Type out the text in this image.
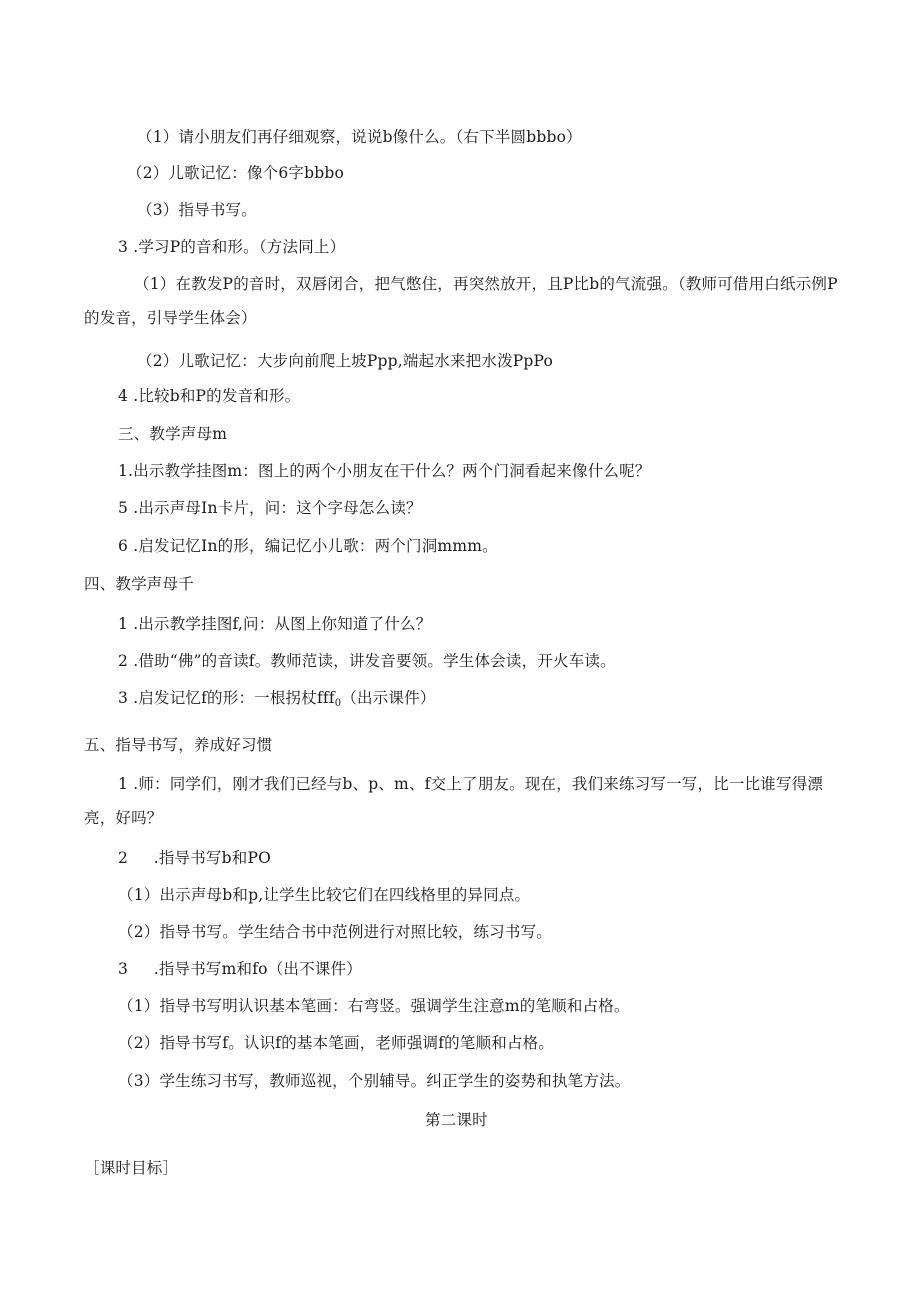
（1）请小朋友们再仔细观察，说说b像什么。（右下半圆bbbo）
（2）儿歌记忆：像个6字bbbo
（3）指导书写。
3 .学习P的音和形。（方法同上）
（1）在教发P的音时，双唇闭合，把气憋住，再突然放开，且P比b的气流强。（教师可借用白纸示例P的发音，引导学生体会）
（2）儿歌记忆：大步向前爬上坡Ppp,端起水来把水泼PpPo
4 .比较b和P的发音和形。
三、教学声母m
1.出示教学挂图m：图上的两个小朋友在干什么？两个门洞看起来像什么呢？
5 .出示声母In卡片，问：这个字母怎么读？
6 .启发记忆In的形，编记忆小儿歌：两个门洞mmm。
四、教学声母千
1 .出示教学挂图f,问：从图上你知道了什么？
2 .借助“佛”的音读f。教师范读，讲发音要领。学生体会读，开火车读。
3 .启发记忆f的形：一根拐杖fff$_0$（出示课件）
五、指导书写，养成好习惯
1 .师：同学们，刚才我们已经与b、p、m、f交上了朋友。现在，我们来练习写一写，比一比谁写得漂亮，好吗？
2     .指导书写b和PO
（1）出示声母b和p,让学生比较它们在四线格里的异同点。
（2）指导书写。学生结合书中范例进行对照比较，练习书写。
3     .指导书写m和fo（出不课件）
（1）指导书写明认识基本笔画：右弯竖。强调学生注意m的笔顺和占格。
（2）指导书写f。认识f的基本笔画，老师强调f的笔顺和占格。
（3）学生练习书写，教师巡视，个别辅导。纠正学生的姿势和执笔方法。
第二课时
［课时目标］
